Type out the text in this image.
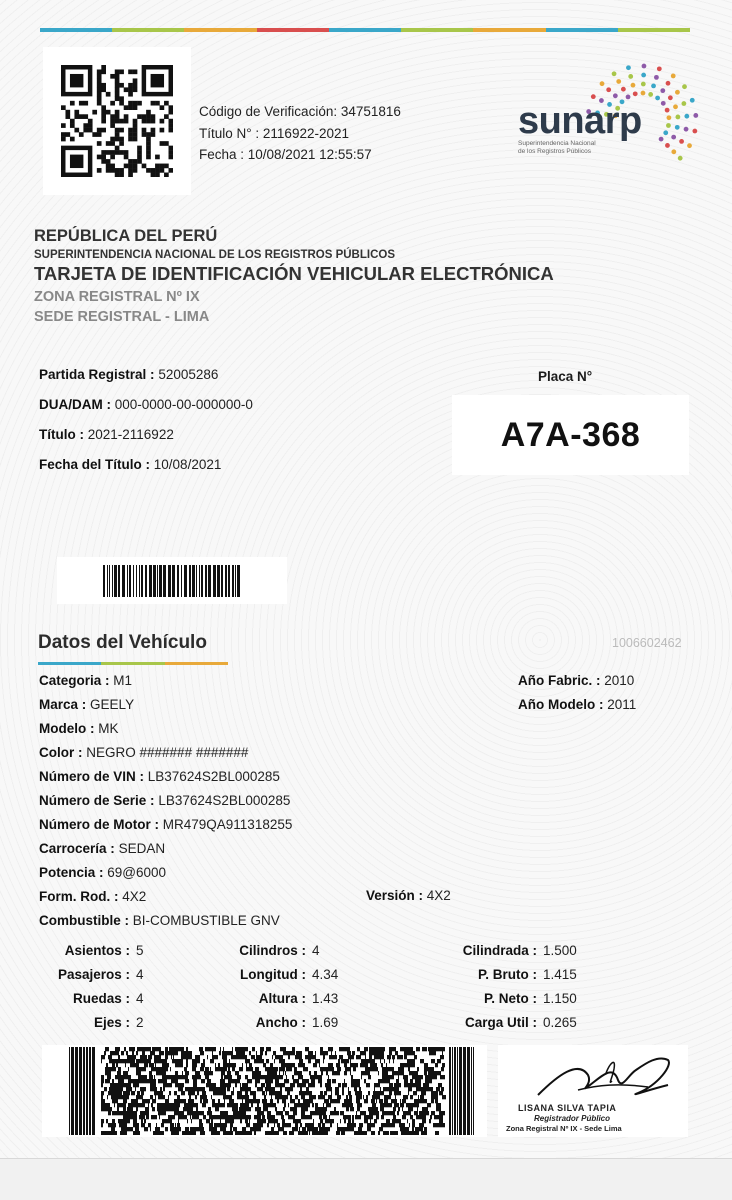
Código de Verificación: 34751816
Título N° : 2116922-2021
Fecha : 10/08/2021 12:55:57
sunarp
Superintendencia Nacional
de los Registros Públicos
REPÚBLICA DEL PERÚ
SUPERINTENDENCIA NACIONAL DE LOS REGISTROS PÚBLICOS
TARJETA DE IDENTIFICACIÓN VEHICULAR ELECTRÓNICA
ZONA REGISTRAL Nº IX
SEDE REGISTRAL - LIMA
Partida Registral : 52005286
DUA/DAM : 000-0000-00-000000-0
Título : 2021-2116922
Fecha del Título : 10/08/2021
Placa N°
A7A-368
Datos del Vehículo	1006602462
Categoria : M1
Marca : GEELY
Modelo : MK
Color : NEGRO ####### #######
Número de VIN : LB37624S2BL000285
Número de Serie : LB37624S2BL000285
Número de Motor : MR479QA911318255
Carrocería : SEDAN
Potencia : 69@6000
Form. Rod. : 4X2
Combustible : BI-COMBUSTIBLE GNV
Versión : 4X2
Año Fabric. : 2010
Año Modelo : 2011
Asientos : 5
Pasajeros : 4
Ruedas : 4
Ejes : 2
Cilindros : 4
Longitud : 4.34
Altura : 1.43
Ancho : 1.69
Cilindrada : 1.500
P. Bruto : 1.415
P. Neto : 1.150
Carga Util : 0.265
LISANA SILVA TAPIA
Registrador Público
Zona Registral Nº IX - Sede Lima
